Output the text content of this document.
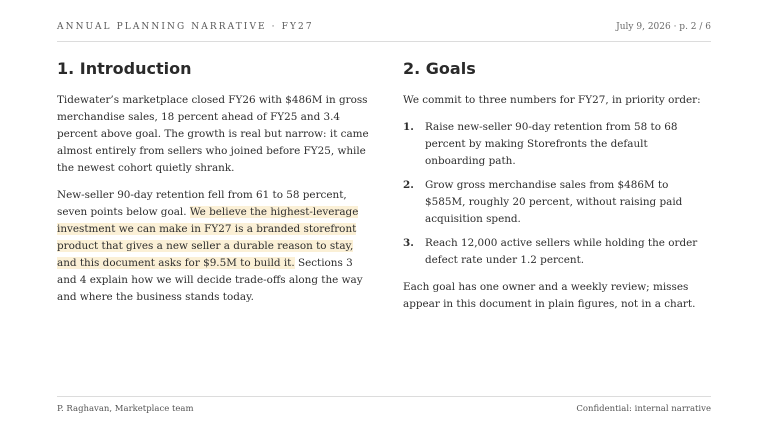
ANNUAL PLANNING NARRATIVE · FY27	July 9, 2026 · p. 2 / 6
1. Introduction

Tidewater’s marketplace closed FY26 with $486M in gross merchandise sales, 18 percent ahead of FY25 and 3.4 percent above goal. The growth is real but narrow: it came almost entirely from sellers who joined before FY25, while the newest cohort quietly shrank.

New-seller 90-day retention fell from 61 to 58 percent, seven points below goal. We believe the highest-leverage investment we can make in FY27 is a branded storefront product that gives a new seller a durable reason to stay, and this document asks for $9.5M to build it. Sections 3 and 4 explain how we will decide trade-offs along the way and where the business stands today.

2. Goals

We commit to three numbers for FY27, in priority order:

1. Raise new-seller 90-day retention from 58 to 68 percent by making Storefronts the default onboarding path.
2. Grow gross merchandise sales from $486M to $585M, roughly 20 percent, without raising paid acquisition spend.
3. Reach 12,000 active sellers while holding the order defect rate under 1.2 percent.

Each goal has one owner and a weekly review; misses appear in this document in plain figures, not in a chart.

P. Raghavan, Marketplace team	Confidential: internal narrative
